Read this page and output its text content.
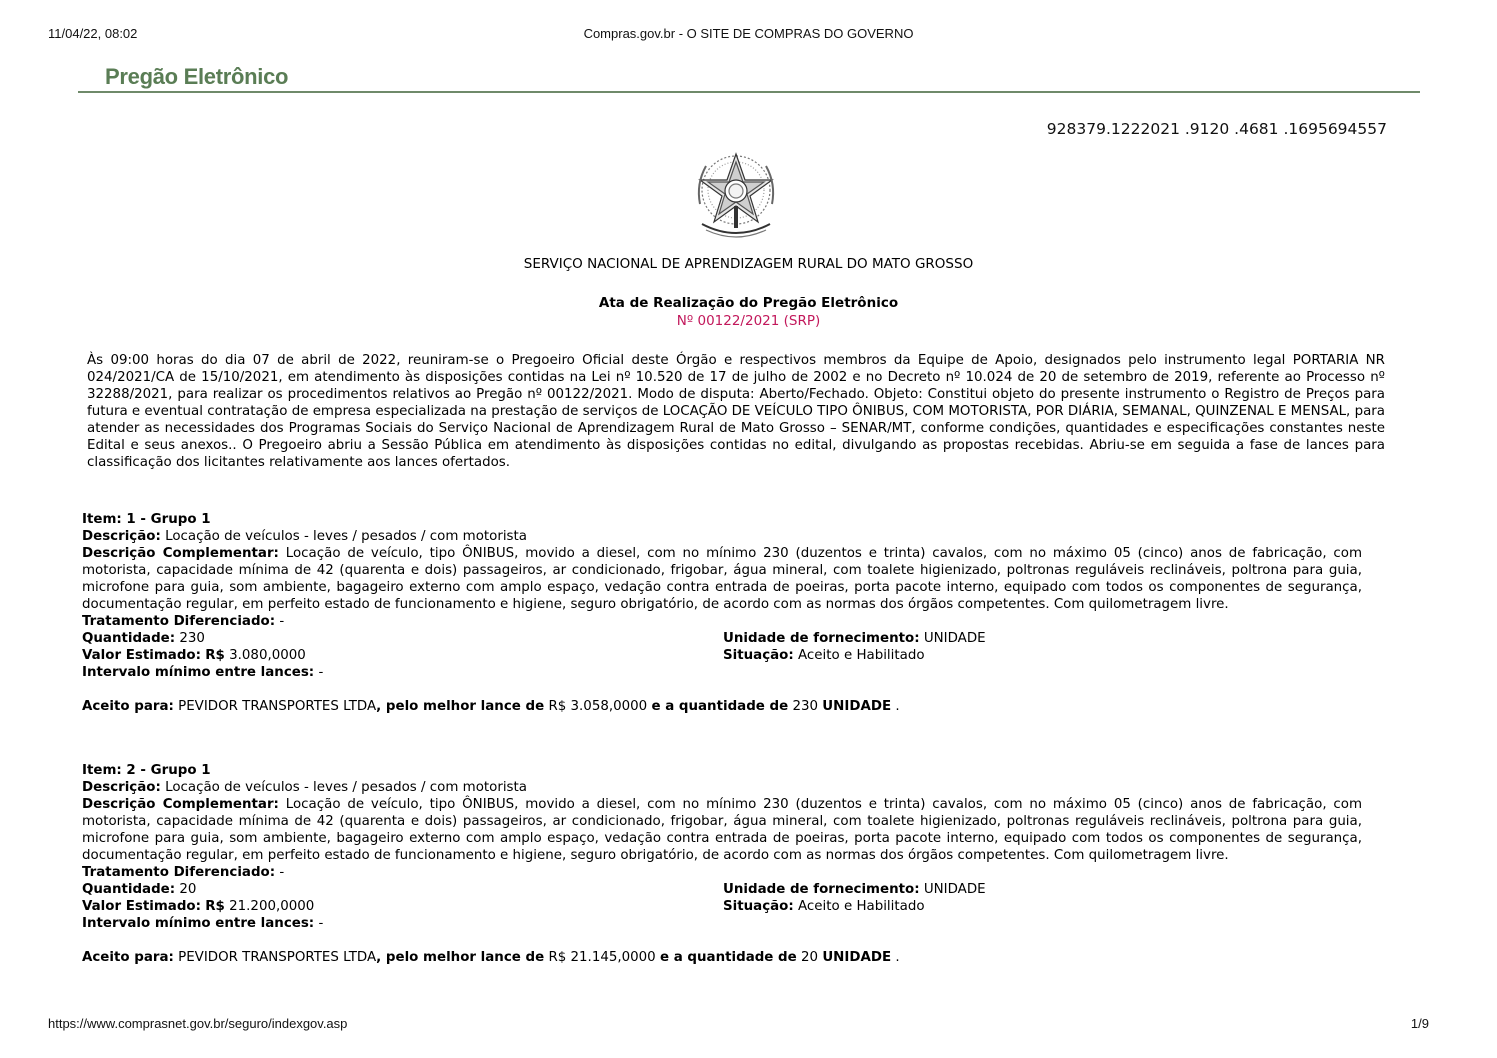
11/04/22, 08:02	Compras.gov.br - O SITE DE COMPRAS DO GOVERNO
Pregão Eletrônico
928379.1222021 .9120 .4681 .1695694557
SERVIÇO NACIONAL DE APRENDIZAGEM RURAL DO MATO GROSSO
Ata de Realização do Pregão Eletrônico
Nº 00122/2021 (SRP)
Às 09:00 horas do dia 07 de abril de 2022, reuniram-se o Pregoeiro Oficial deste Órgão e respectivos membros da Equipe de Apoio, designados pelo instrumento legal PORTARIA NR 024/2021/CA de 15/10/2021, em atendimento às disposições contidas na Lei nº 10.520 de 17 de julho de 2002 e no Decreto nº 10.024 de 20 de setembro de 2019, referente ao Processo nº 32288/2021, para realizar os procedimentos relativos ao Pregão nº 00122/2021. Modo de disputa: Aberto/Fechado. Objeto: Constitui objeto do presente instrumento o Registro de Preços para futura e eventual contratação de empresa especializada na prestação de serviços de LOCAÇÃO DE VEÍCULO TIPO ÔNIBUS, COM MOTORISTA, POR DIÁRIA, SEMANAL, QUINZENAL E MENSAL, para atender as necessidades dos Programas Sociais do Serviço Nacional de Aprendizagem Rural de Mato Grosso – SENAR/MT, conforme condições, quantidades e especificações constantes neste Edital e seus anexos.. O Pregoeiro abriu a Sessão Pública em atendimento às disposições contidas no edital, divulgando as propostas recebidas. Abriu-se em seguida a fase de lances para classificação dos licitantes relativamente aos lances ofertados.
Item: 1 - Grupo 1
Descrição: Locação de veículos - leves / pesados / com motorista
Descrição Complementar: Locação de veículo, tipo ÔNIBUS, movido a diesel, com no mínimo 230 (duzentos e trinta) cavalos, com no máximo 05 (cinco) anos de fabricação, com motorista, capacidade mínima de 42 (quarenta e dois) passageiros, ar condicionado, frigobar, água mineral, com toalete higienizado, poltronas reguláveis reclináveis, poltrona para guia, microfone para guia, som ambiente, bagageiro externo com amplo espaço, vedação contra entrada de poeiras, porta pacote interno, equipado com todos os componentes de segurança, documentação regular, em perfeito estado de funcionamento e higiene, seguro obrigatório, de acordo com as normas dos órgãos competentes. Com quilometragem livre.
Tratamento Diferenciado: -
Quantidade: 230	Unidade de fornecimento: UNIDADE
Valor Estimado: R$ 3.080,0000	Situação: Aceito e Habilitado
Intervalo mínimo entre lances: -
Aceito para: PEVIDOR TRANSPORTES LTDA, pelo melhor lance de R$ 3.058,0000 e a quantidade de 230 UNIDADE .
Item: 2 - Grupo 1
Descrição: Locação de veículos - leves / pesados / com motorista
Descrição Complementar: Locação de veículo, tipo ÔNIBUS, movido a diesel, com no mínimo 230 (duzentos e trinta) cavalos, com no máximo 05 (cinco) anos de fabricação, com motorista, capacidade mínima de 42 (quarenta e dois) passageiros, ar condicionado, frigobar, água mineral, com toalete higienizado, poltronas reguláveis reclináveis, poltrona para guia, microfone para guia, som ambiente, bagageiro externo com amplo espaço, vedação contra entrada de poeiras, porta pacote interno, equipado com todos os componentes de segurança, documentação regular, em perfeito estado de funcionamento e higiene, seguro obrigatório, de acordo com as normas dos órgãos competentes. Com quilometragem livre.
Tratamento Diferenciado: -
Quantidade: 20	Unidade de fornecimento: UNIDADE
Valor Estimado: R$ 21.200,0000	Situação: Aceito e Habilitado
Intervalo mínimo entre lances: -
Aceito para: PEVIDOR TRANSPORTES LTDA, pelo melhor lance de R$ 21.145,0000 e a quantidade de 20 UNIDADE .
https://www.comprasnet.gov.br/seguro/indexgov.asp	1/9
